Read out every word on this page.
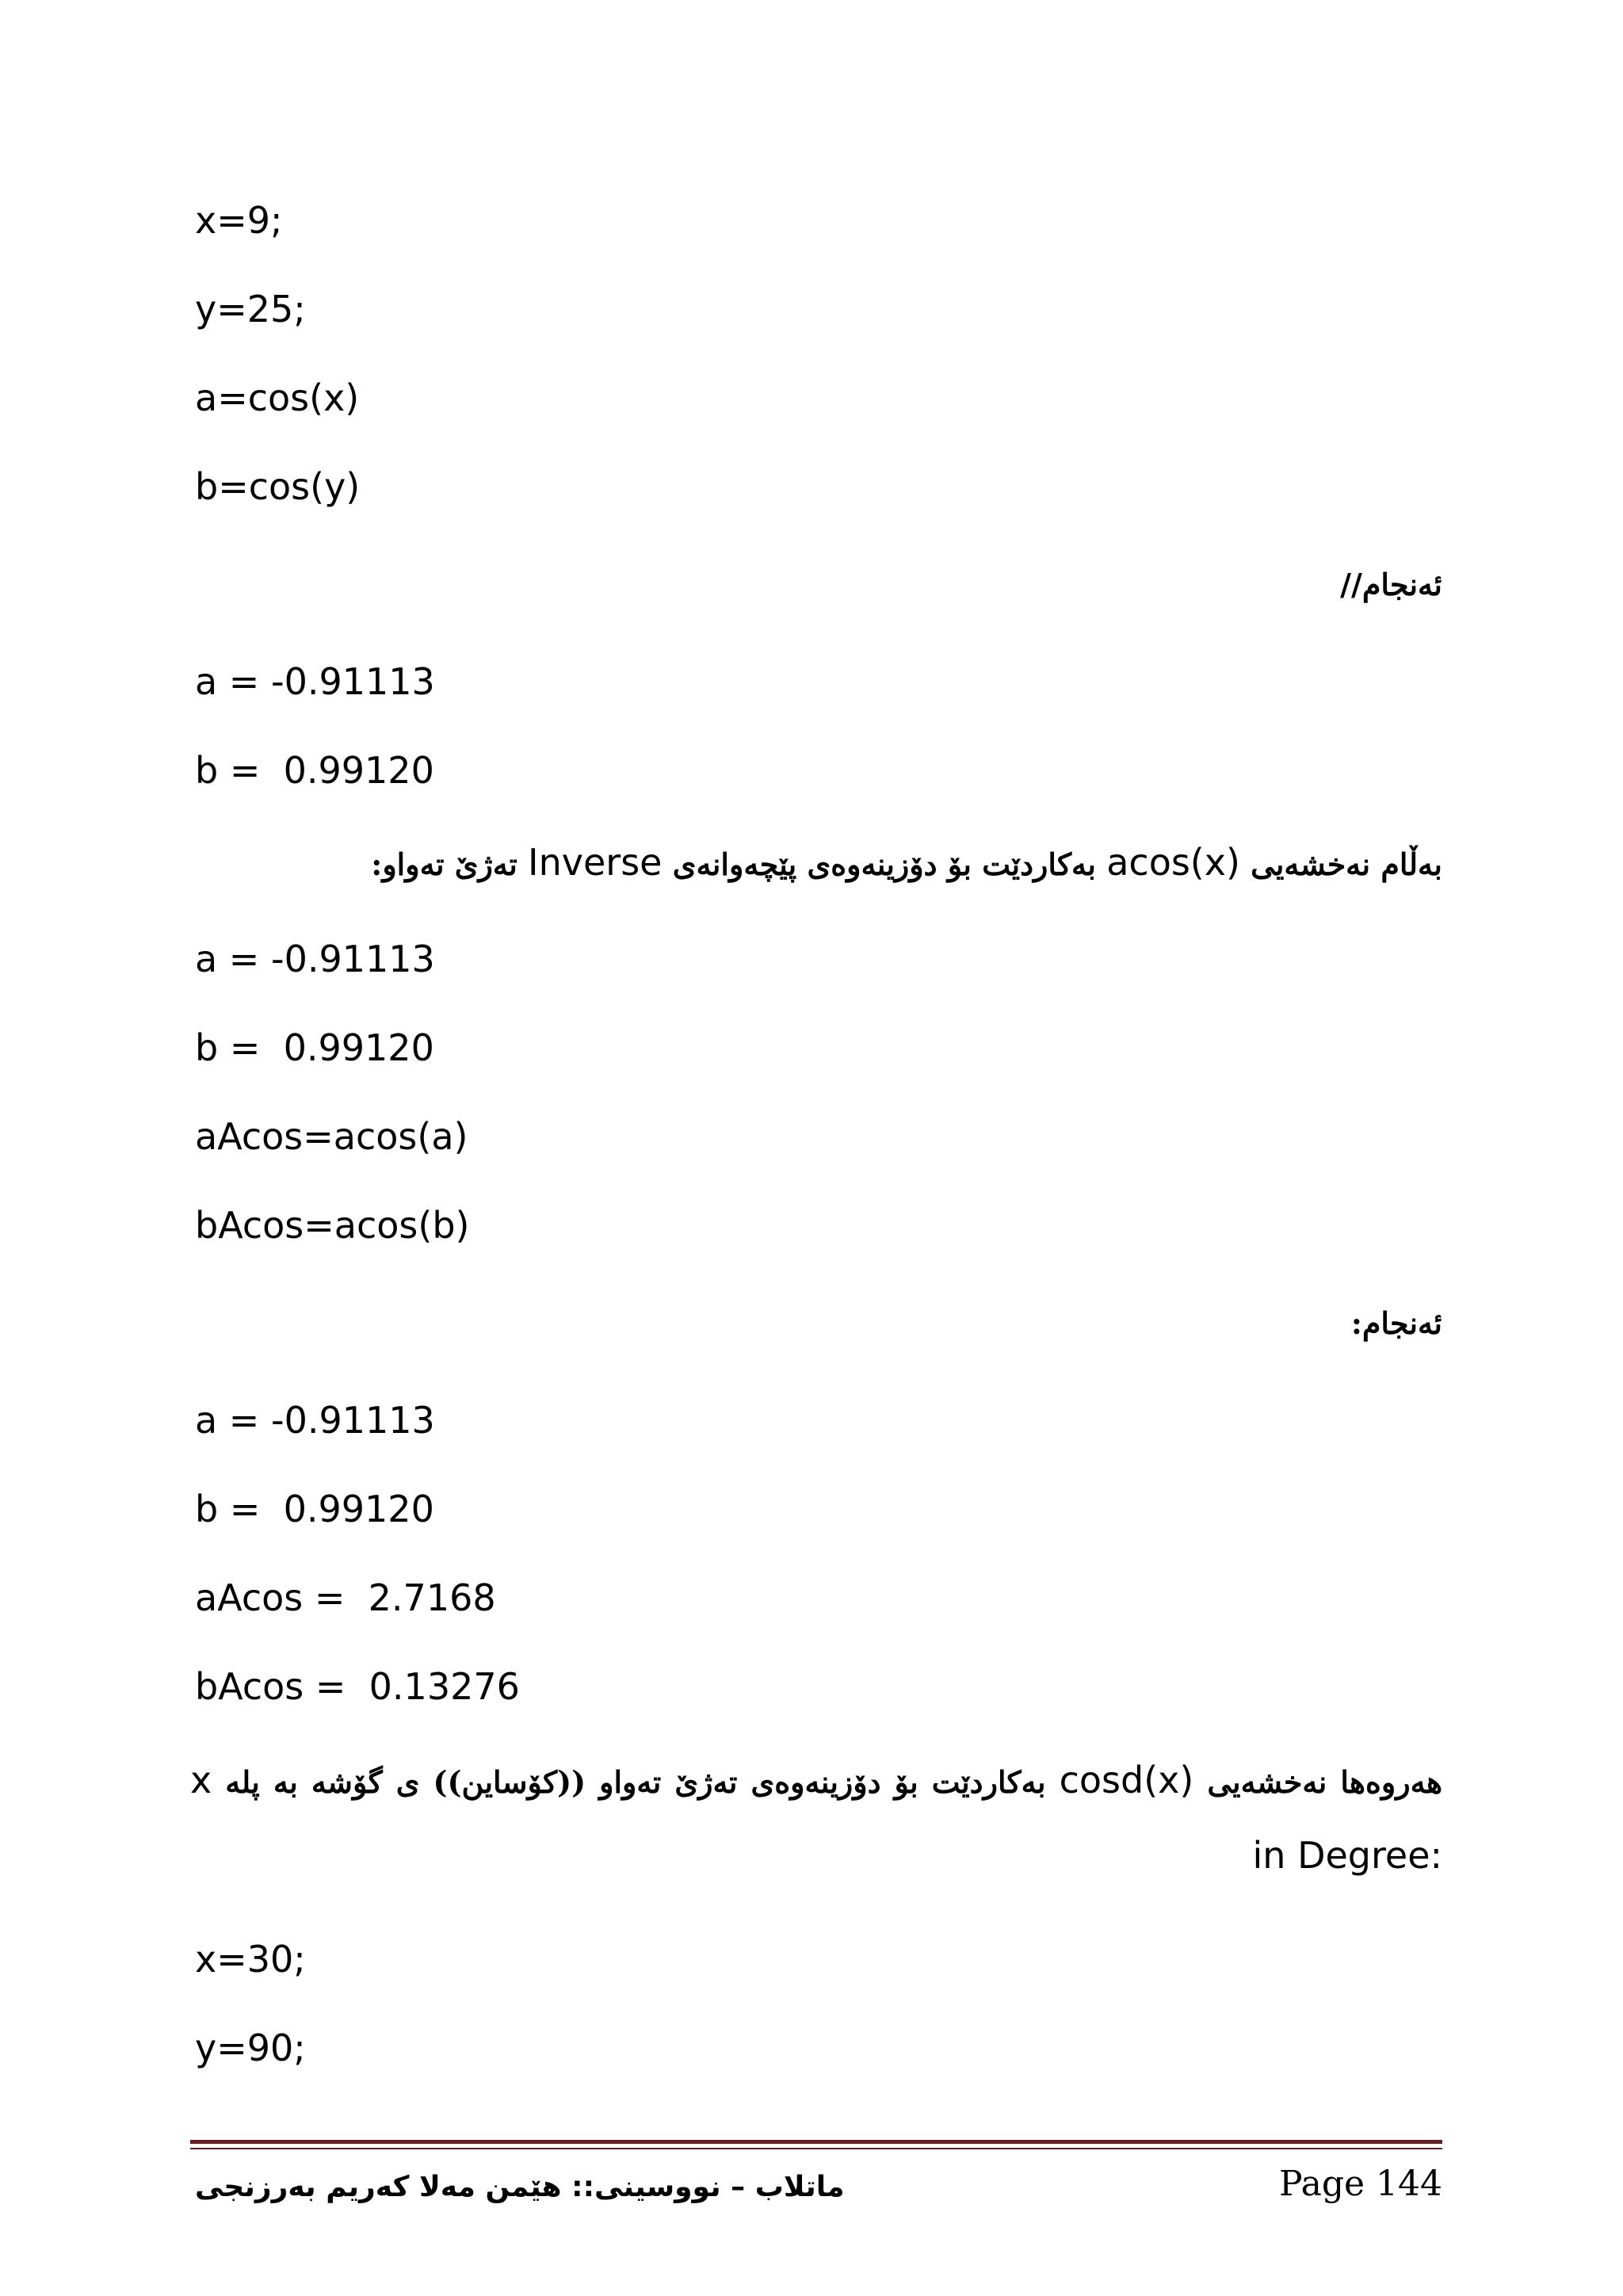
x=9;
y=25;
a=cos(x)
b=cos(y)
ئەنجام//
a = -0.91113
b =  0.99120
بەڵام نەخشەیی acos(x) بەکاردێت بۆ دۆزینەوەی پێچەوانەی Inverse تەژێ تەواو:
a = -0.91113
b =  0.99120
aAcos=acos(a)
bAcos=acos(b)
ئەنجام:
a = -0.91113
b =  0.99120
aAcos =  2.7168
bAcos =  0.13276
هەروەها نەخشەیی cosd(x) بەکاردێت بۆ دۆزینەوەی تەژێ تەواو ((کۆساین)) ی گۆشە بە پلە x in Degree:
x=30;
y=90;
ماتلاب – نووسینی:: هێمن مەلا کەریم بەرزنجی	Page 144
